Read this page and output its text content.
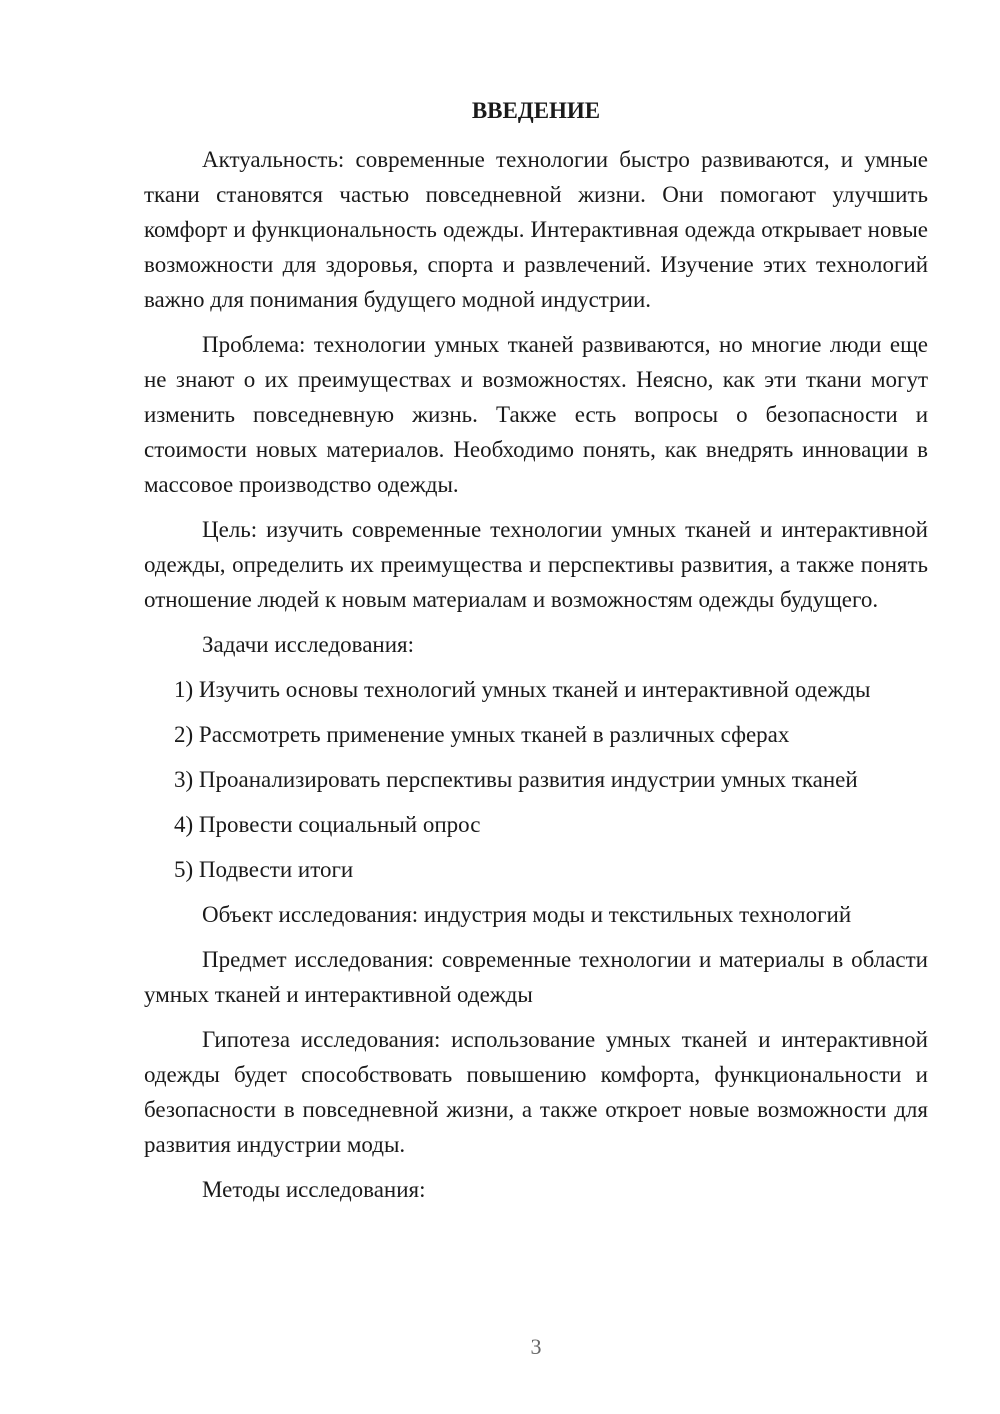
ВВЕДЕНИЕ

Актуальность: современные технологии быстро развиваются, и умные ткани становятся частью повседневной жизни. Они помогают улучшить комфорт и функциональность одежды. Интерактивная одежда открывает новые возможности для здоровья, спорта и развлечений. Изучение этих технологий важно для понимания будущего модной индустрии.

Проблема: технологии умных тканей развиваются, но многие люди еще не знают о их преимуществах и возможностях. Неясно, как эти ткани могут изменить повседневную жизнь. Также есть вопросы о безопасности и стоимости новых материалов. Необходимо понять, как внедрять инновации в массовое производство одежды.

Цель: изучить современные технологии умных тканей и интерактивной одежды, определить их преимущества и перспективы развития, а также понять отношение людей к новым материалам и возможностям одежды будущего.

Задачи исследования:

1) Изучить основы технологий умных тканей и интерактивной одежды
2) Рассмотреть применение умных тканей в различных сферах
3) Проанализировать перспективы развития индустрии умных тканей
4) Провести социальный опрос
5) Подвести итоги

Объект исследования: индустрия моды и текстильных технологий

Предмет исследования: современные технологии и материалы в области умных тканей и интерактивной одежды

Гипотеза исследования: использование умных тканей и интерактивной одежды будет способствовать повышению комфорта, функциональности и безопасности в повседневной жизни, а также откроет новые возможности для развития индустрии моды.

Методы исследования:

3
